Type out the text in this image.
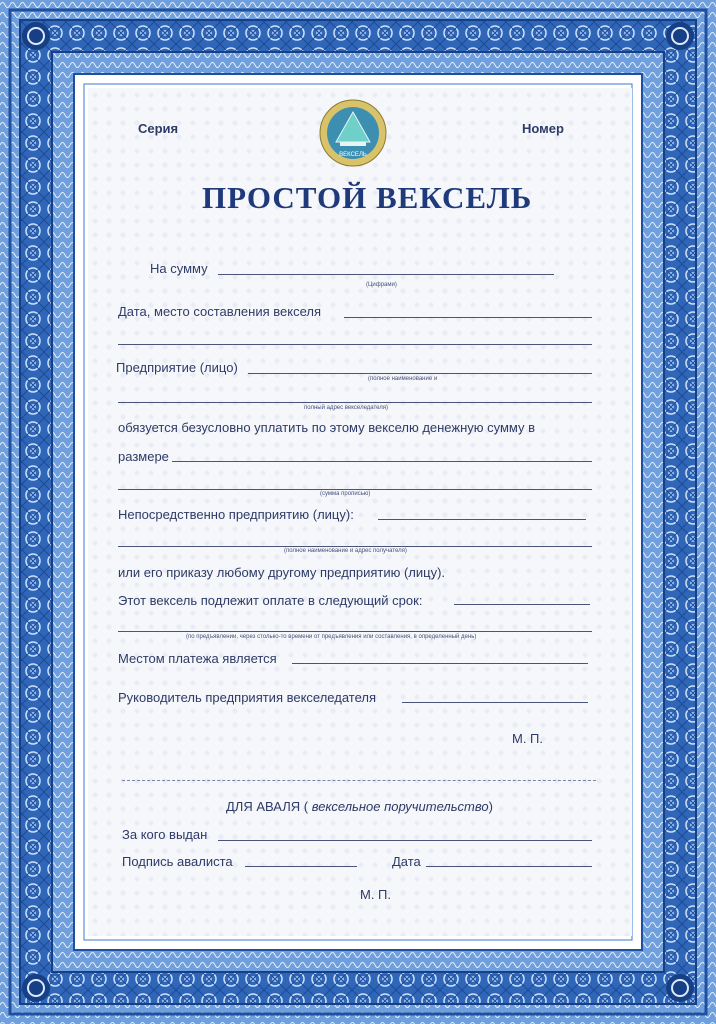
ВЕКСЕЛЬ
Серия	Номер
ПРОСТОЙ ВЕКСЕЛЬ
На сумму
(Цифрами)
Дата, место составления векселя
Предприятие (лицо)
(полное наименование и
полный адрес векселедателя)
обязуется безусловно уплатить по этому векселю денежную сумму в
размере
(сумма прописью)
Непосредственно предприятию (лицу):
(полное наименование и адрес получателя)
или его приказу любому другому предприятию (лицу).
Этот вексель подлежит оплате в следующий срок:
(по предъявлении, через столько-то времени от предъявления или составления, в определенный день)
Местом платежа является
Руководитель предприятия векселедателя
М. П.
ДЛЯ АВАЛЯ ( вексельное поручительство)
За кого выдан
Подпись авалиста	Дата
М. П.
